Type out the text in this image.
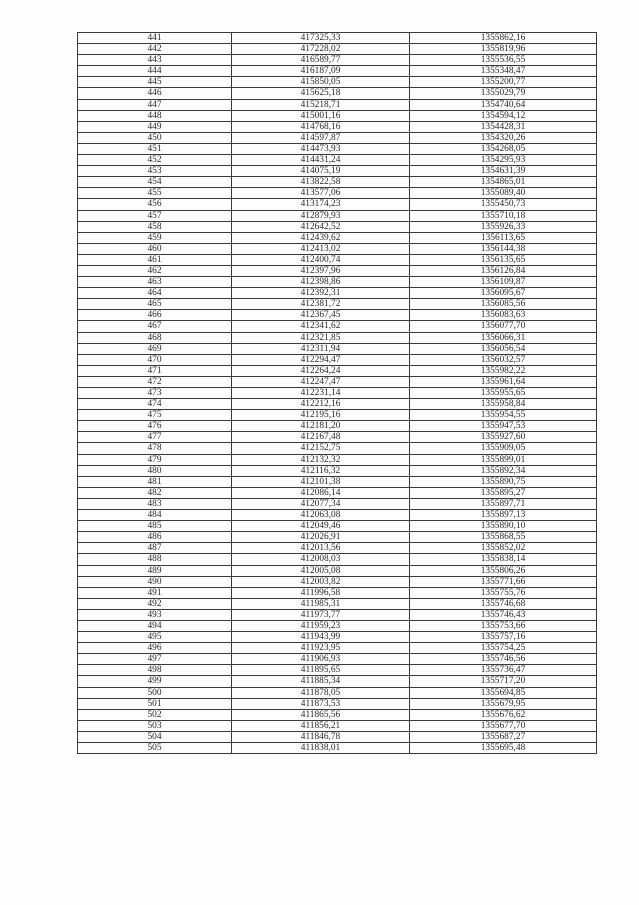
441	417325,33	1355862,16
442	417228,02	1355819,96
443	416589,77	1355536,55
444	416187,09	1355348,47
445	415850,05	1355200,77
446	415625,18	1355029,79
447	415218,71	1354740,64
448	415001,16	1354594,12
449	414768,16	1354428,31
450	414597,87	1354320,26
451	414473,93	1354268,05
452	414431,24	1354295,93
453	414075,19	1354631,39
454	413822,58	1354865,01
455	413577,06	1355089,40
456	413174,23	1355450,73
457	412879,93	1355710,18
458	412642,52	1355926,33
459	412439,62	1356113,65
460	412413,02	1356144,38
461	412400,74	1356135,65
462	412397,96	1356126,84
463	412398,86	1356109,87
464	412392,31	1356095,67
465	412381,72	1356085,56
466	412367,45	1356083,63
467	412341,62	1356077,70
468	412321,85	1356066,31
469	412311,94	1356056,54
470	412294,47	1356032,57
471	412264,24	1355982,22
472	412247,47	1355961,64
473	412231,14	1355955,65
474	412212,16	1355958,84
475	412195,16	1355954,55
476	412181,20	1355947,53
477	412167,48	1355927,60
478	412152,75	1355909,05
479	412132,32	1355899,01
480	412116,32	1355892,34
481	412101,38	1355890,75
482	412086,14	1355895,27
483	412077,34	1355897,71
484	412063,08	1355897,13
485	412049,46	1355890,10
486	412026,91	1355868,55
487	412013,56	1355852,02
488	412008,03	1355838,14
489	412005,08	1355806,26
490	412003,82	1355771,66
491	411996,58	1355755,76
492	411985,31	1355746,68
493	411973,77	1355746,43
494	411959,23	1355753,66
495	411943,99	1355757,16
496	411923,95	1355754,25
497	411906,93	1355746,56
498	411895,65	1355736,47
499	411885,34	1355717,20
500	411878,05	1355694,85
501	411873,53	1355679,95
502	411865,56	1355676,62
503	411856,21	1355677,70
504	411846,78	1355687,27
505	411838,01	1355695,48
